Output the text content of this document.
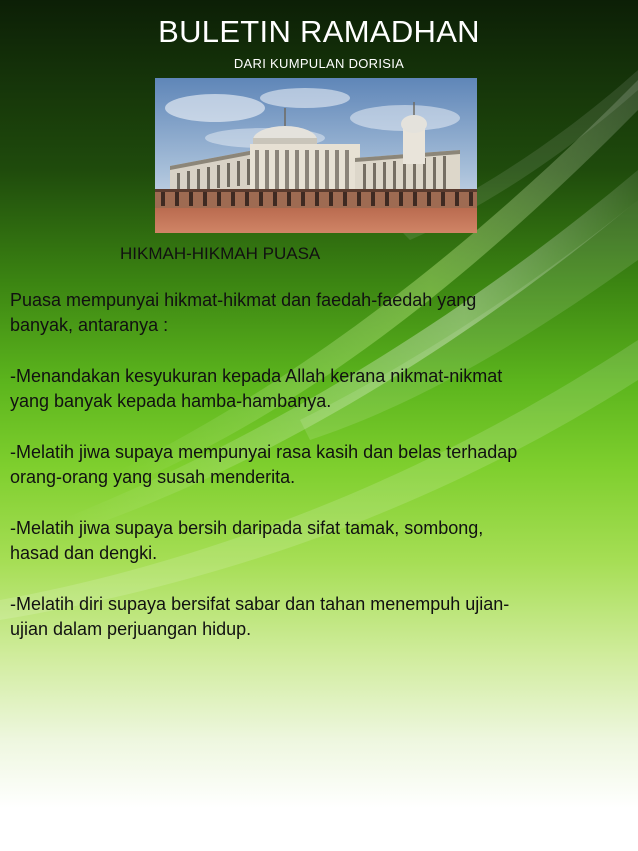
BULETIN RAMADHAN
DARI KUMPULAN DORISIA
HIKMAH-HIKMAH PUASA

Puasa mempunyai hikmat-hikmat dan faedah-faedah yang
banyak, antaranya :

-Menandakan kesyukuran kepada Allah kerana nikmat-nikmat
yang banyak kepada hamba-hambanya.

-Melatih jiwa supaya mempunyai rasa kasih dan belas terhadap
orang-orang yang susah menderita.

-Melatih jiwa supaya bersih daripada sifat tamak, sombong,
hasad dan dengki.

-Melatih diri supaya bersifat sabar dan tahan menempuh ujian-
ujian dalam perjuangan hidup.
